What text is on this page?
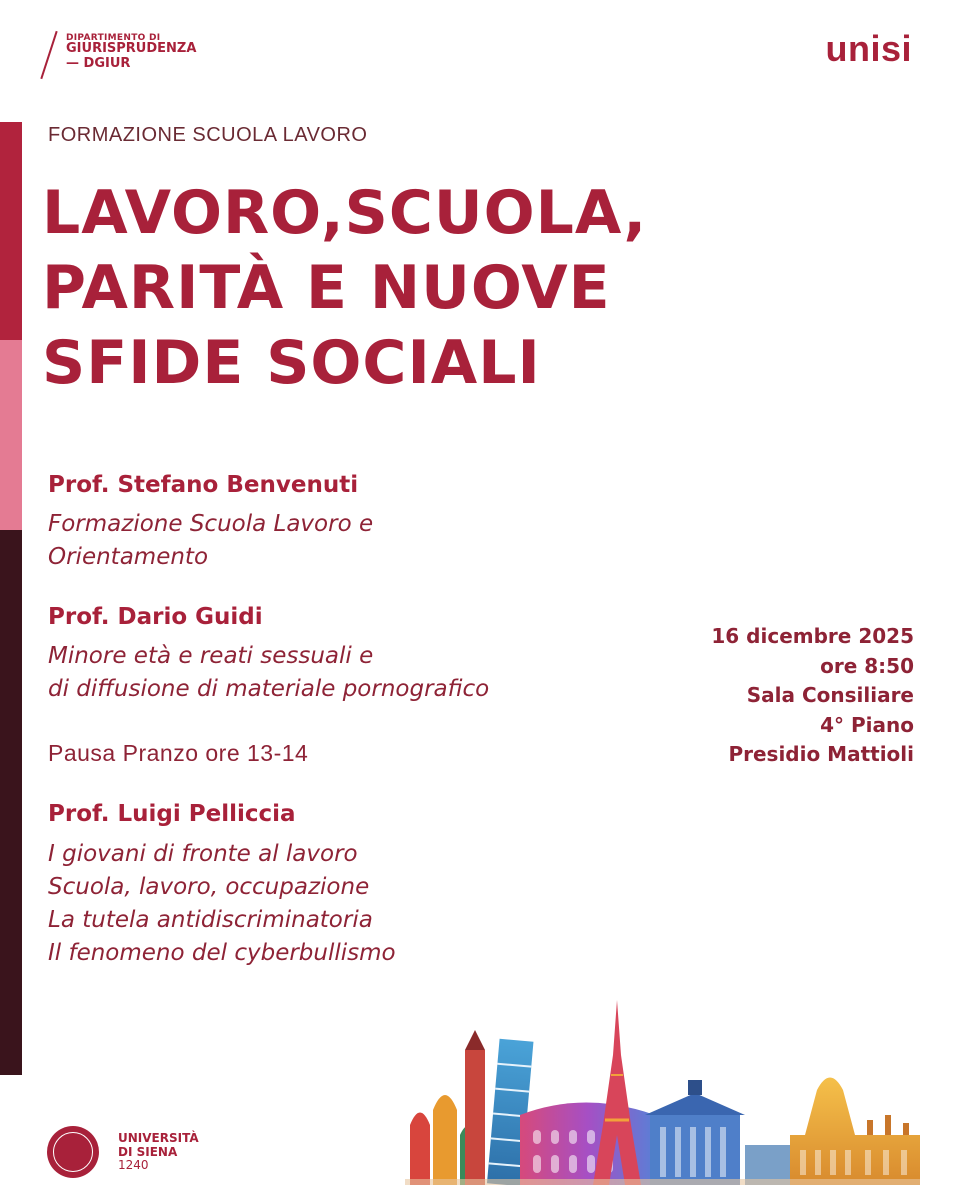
DIPARTIMENTO DI
GIURISPRUDENZA
— DGIUR	unisi
FORMAZIONE SCUOLA LAVORO
LAVORO,SCUOLA,
PARITÀ E NUOVE
SFIDE SOCIALI
Prof. Stefano Benvenuti
Formazione Scuola Lavoro e
Orientamento
Prof. Dario Guidi
Minore età e reati sessuali e
di diffusione di materiale pornografico
Pausa Pranzo ore 13-14
Prof. Luigi Pelliccia
I giovani di fronte al lavoro
Scuola, lavoro, occupazione
La tutela antidiscriminatoria
Il fenomeno del cyberbullismo
16 dicembre 2025
ore 8:50
Sala Consiliare
4° Piano
Presidio Mattioli
UNIVERSITÀ
DI SIENA
1240
